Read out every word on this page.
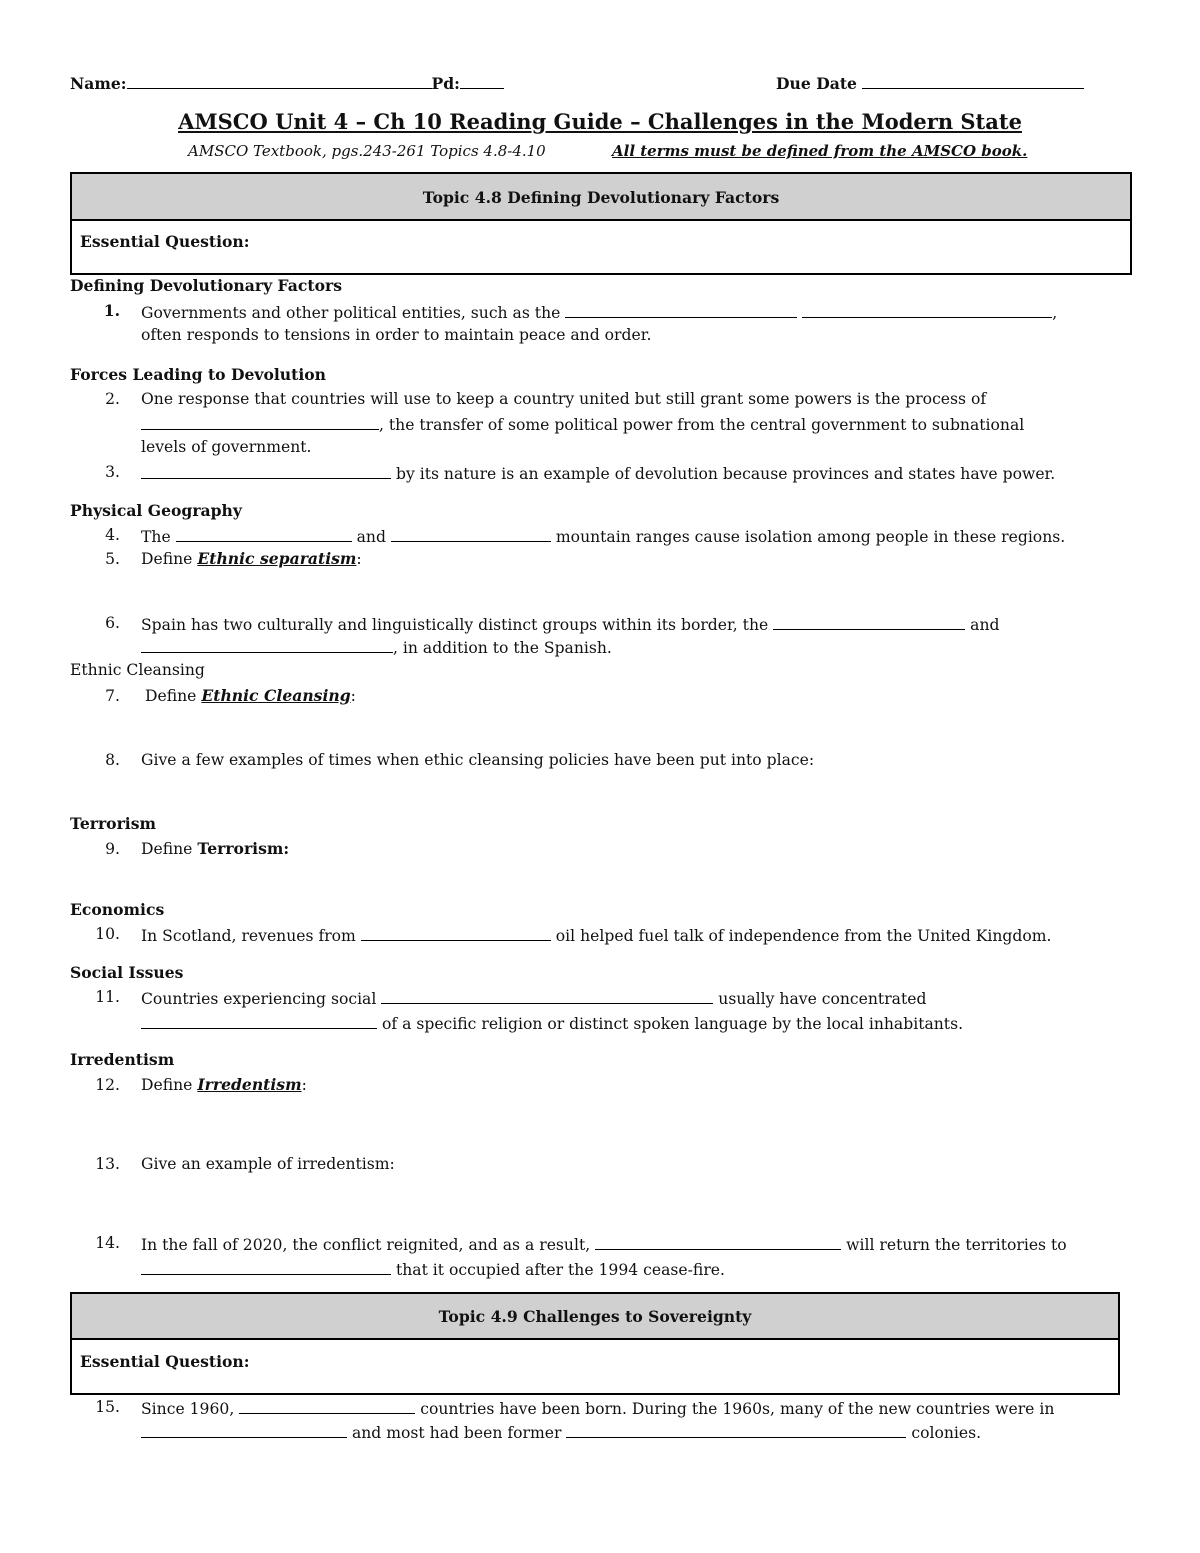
Name:	Pd:	Due Date
AMSCO Unit 4 – Ch 10 Reading Guide – Challenges in the Modern State
AMSCO Textbook, pgs.243-261 Topics 4.8-4.10	All terms must be defined from the AMSCO book.
Topic 4.8 Defining Devolutionary Factors
Essential Question:
Defining Devolutionary Factors
1. Governments and other political entities, such as the	,
often responds to tensions in order to maintain peace and order.
Forces Leading to Devolution
2. One response that countries will use to keep a country united but still grant some powers is the process of
, the transfer of some political power from the central government to subnational
levels of government.
3.	by its nature is an example of devolution because provinces and states have power.
Physical Geography
4. The	and	mountain ranges cause isolation among people in these regions.
5. Define Ethnic separatism:
6. Spain has two culturally and linguistically distinct groups within its border, the	and
, in addition to the Spanish.
Ethnic Cleansing
7. Define Ethnic Cleansing:
8. Give a few examples of times when ethic cleansing policies have been put into place:
Terrorism
9. Define Terrorism:
Economics
10. In Scotland, revenues from	oil helped fuel talk of independence from the United Kingdom.
Social Issues
11. Countries experiencing social	usually have concentrated
of a specific religion or distinct spoken language by the local inhabitants.
Irredentism
12. Define Irredentism:
13. Give an example of irredentism:
14. In the fall of 2020, the conflict reignited, and as a result,	will return the territories to
that it occupied after the 1994 cease-fire.
Topic 4.9 Challenges to Sovereignty
Essential Question:
15. Since 1960,	countries have been born. During the 1960s, many of the new countries were in
and most had been former	colonies.
